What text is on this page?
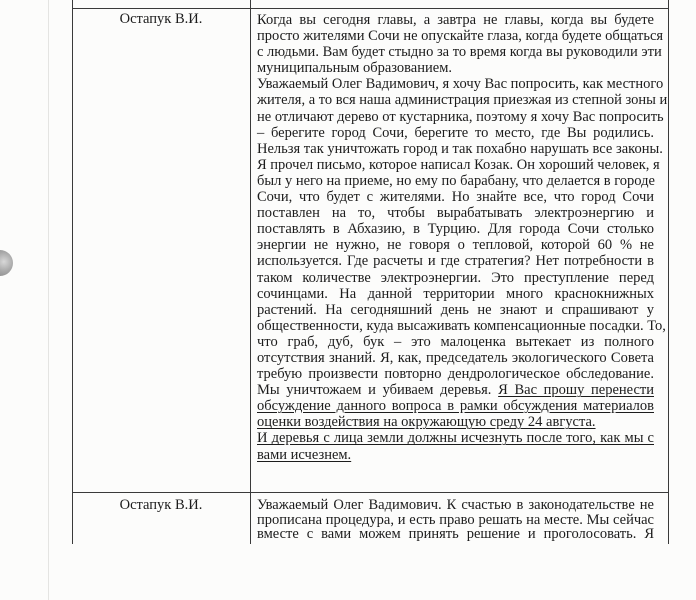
Остапук В.И.	Когда вы сегодня главы, а завтра не главы, когда вы будете
просто жителями Сочи не опускайте глаза, когда будете общаться
с людьми. Вам будет стыдно за то время когда вы руководили эти
муниципальным образованием.
Уважаемый Олег Вадимович, я хочу Вас попросить, как местного
жителя, а то вся наша администрация приезжая из степной зоны и
не отличают дерево от кустарника, поэтому я хочу Вас попросить
– берегите город Сочи, берегите то место, где Вы родились.
Нельзя так уничтожать город и так похабно нарушать все законы.
Я прочел письмо, которое написал Козак. Он хороший человек, я
был у него на приеме, но ему по барабану, что делается в городе
Сочи, что будет с жителями. Но знайте все, что город Сочи
поставлен на то, чтобы вырабатывать электроэнергию и
поставлять в Абхазию, в Турцию. Для города Сочи столько
энергии не нужно, не говоря о тепловой, которой 60 % не
используется. Где расчеты и где стратегия? Нет потребности в
таком количестве электроэнергии. Это преступление перед
сочинцами. На данной территории много краснокнижных
растений. На сегодняшний день не знают и спрашивают у
общественности, куда высаживать компенсационные посадки. То,
что граб, дуб, бук – это малоценка вытекает из полного
отсутствия знаний. Я, как, председатель экологического Совета
требую произвести повторно дендрологическое обследование.
Мы уничтожаем и убиваем деревья. Я Вас прошу перенести
обсуждение данного вопроса в рамки обсуждения материалов
оценки воздействия на окружающую среду 24 августа.
И деревья с лица земли должны исчезнуть после того, как мы с
вами исчезнем.
Остапук В.И.	Уважаемый Олег Вадимович. К счастью в законодательстве не
прописана процедура, и есть право решать на месте. Мы сейчас
вместе с вами можем принять решение и проголосовать. Я
